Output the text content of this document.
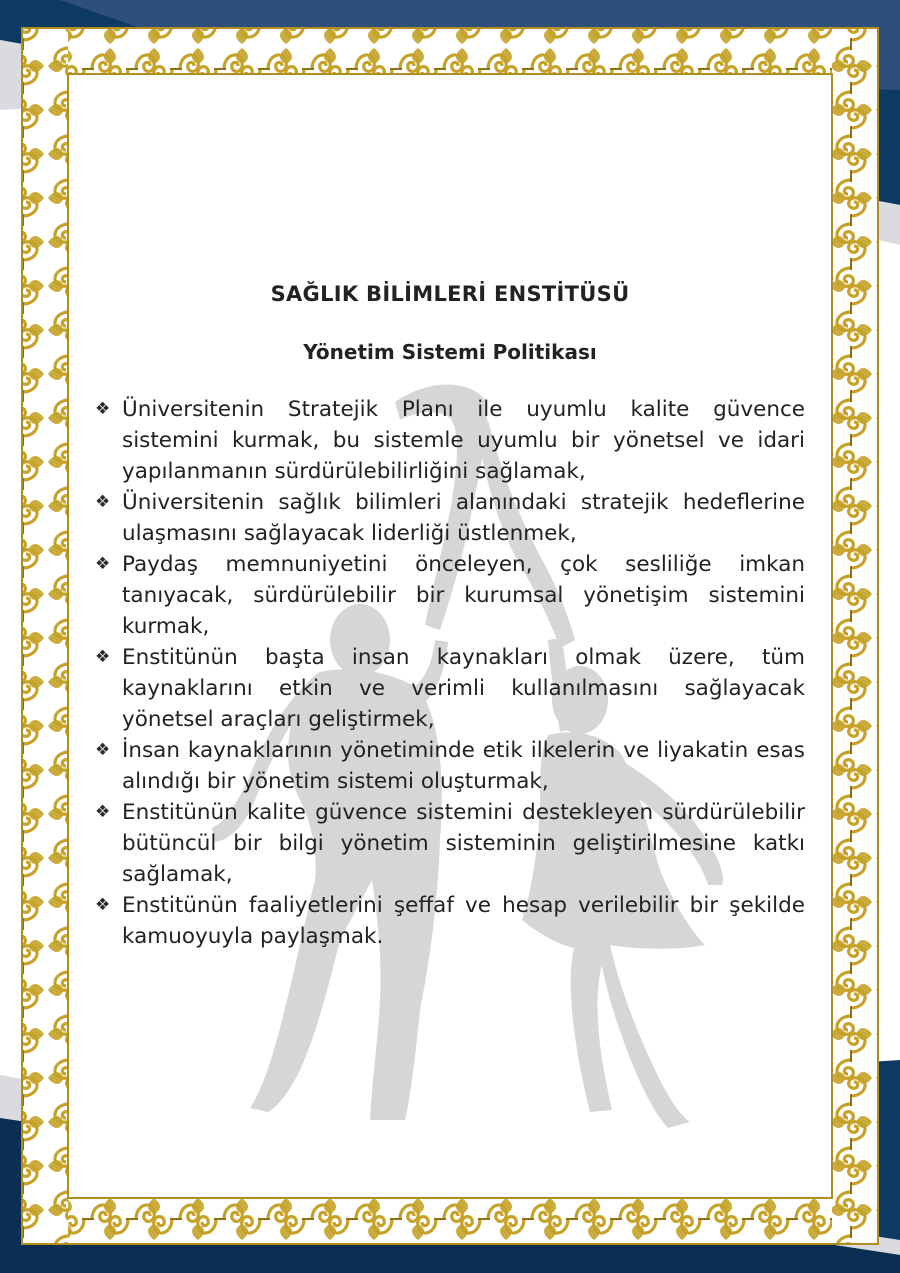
SAĞLIK BİLİMLERİ ENSTİTÜSÜ
Yönetim Sistemi Politikası
❖ Üniversitenin Stratejik Planı ile uyumlu kalite güvence sistemini kurmak, bu sistemle uyumlu bir yönetsel ve idari yapılanmanın sürdürülebilirliğini sağlamak,
❖ Üniversitenin sağlık bilimleri alanındaki stratejik hedeflerine ulaşmasını sağlayacak liderliği üstlenmek,
❖ Paydaş memnuniyetini önceleyen, çok sesliliğe imkan tanıyacak, sürdürülebilir bir kurumsal yönetişim sistemini kurmak,
❖ Enstitünün başta insan kaynakları olmak üzere, tüm kaynaklarını etkin ve verimli kullanılmasını sağlayacak yönetsel araçları geliştirmek,
❖ İnsan kaynaklarının yönetiminde etik ilkelerin ve liyakatin esas alındığı bir yönetim sistemi oluşturmak,
❖ Enstitünün kalite güvence sistemini destekleyen sürdürülebilir bütüncül bir bilgi yönetim sisteminin geliştirilmesine katkı sağlamak,
❖ Enstitünün faaliyetlerini şeffaf ve hesap verilebilir bir şekilde kamuoyuyla paylaşmak.
